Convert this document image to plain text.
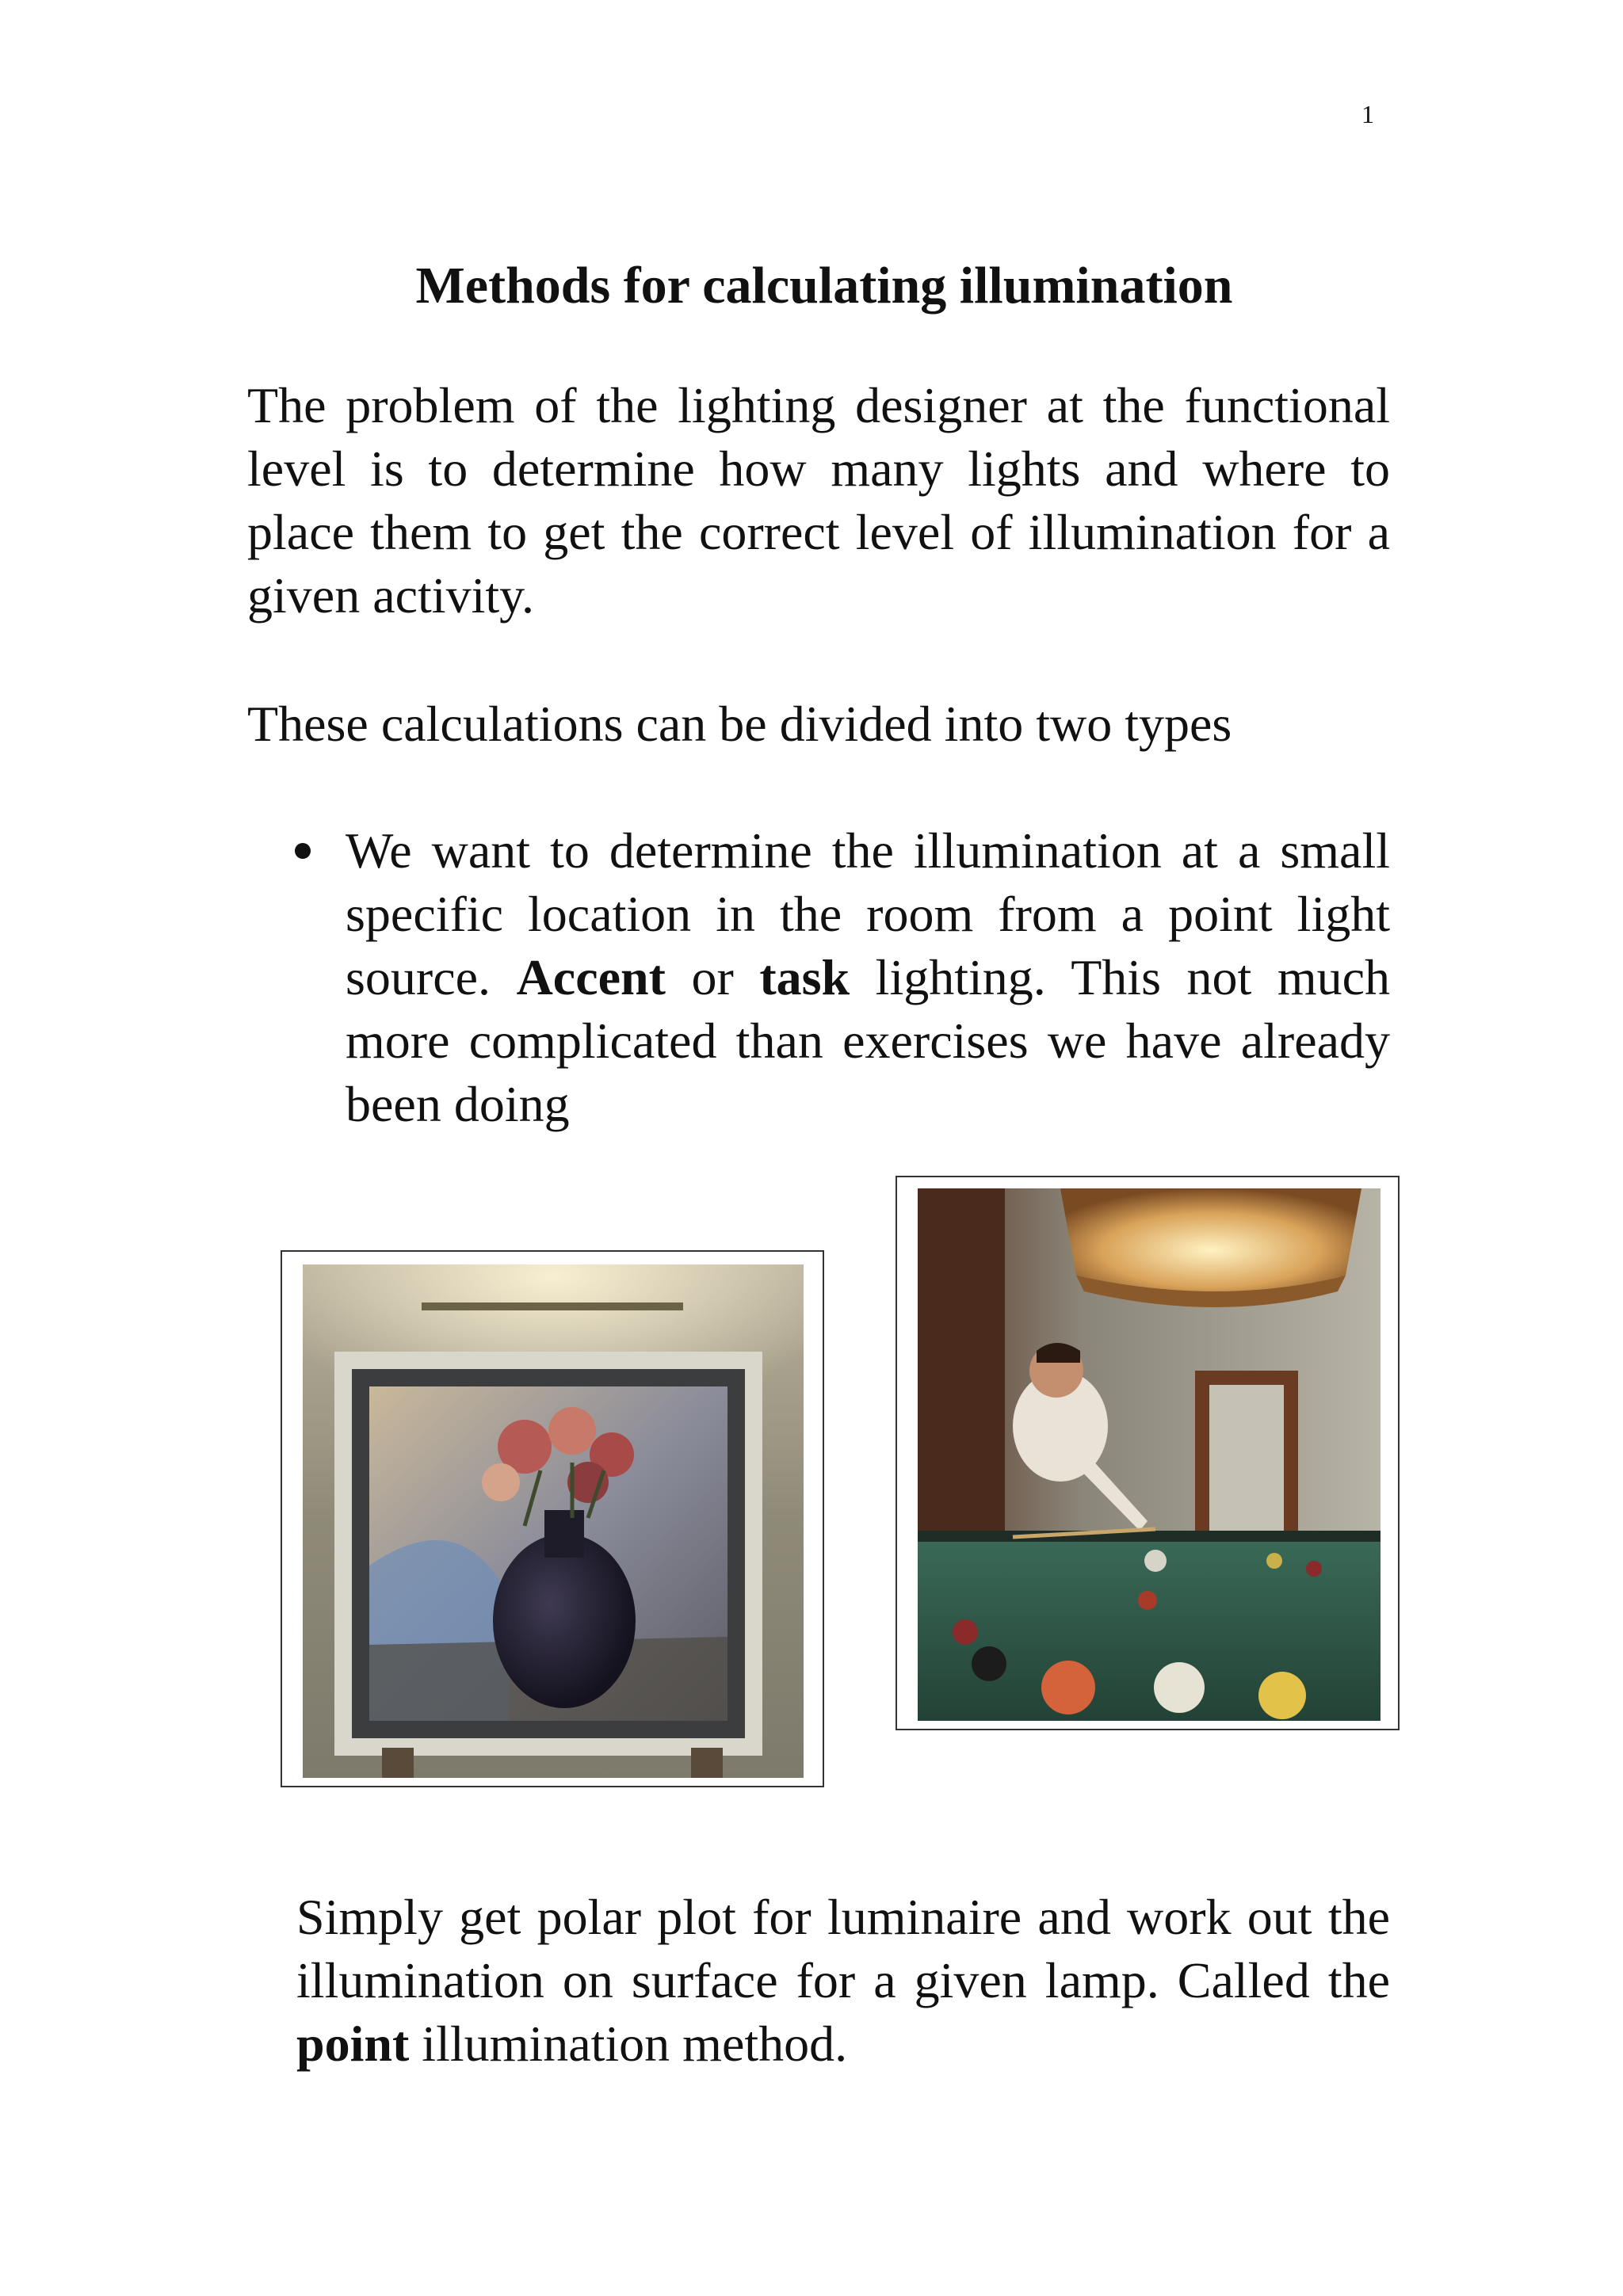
1
Methods for calculating illumination

The problem of the lighting designer at the functional level is to determine how many lights and where to place them to get the correct level of illumination for a given activity.

These calculations can be divided into two types

We want to determine the illumination at a small specific location in the room from a point light source. Accent or task lighting. This not much more complicated than exercises we have already been doing

Simply get polar plot for luminaire and work out the illumination on surface for a given lamp. Called the point illumination method.
